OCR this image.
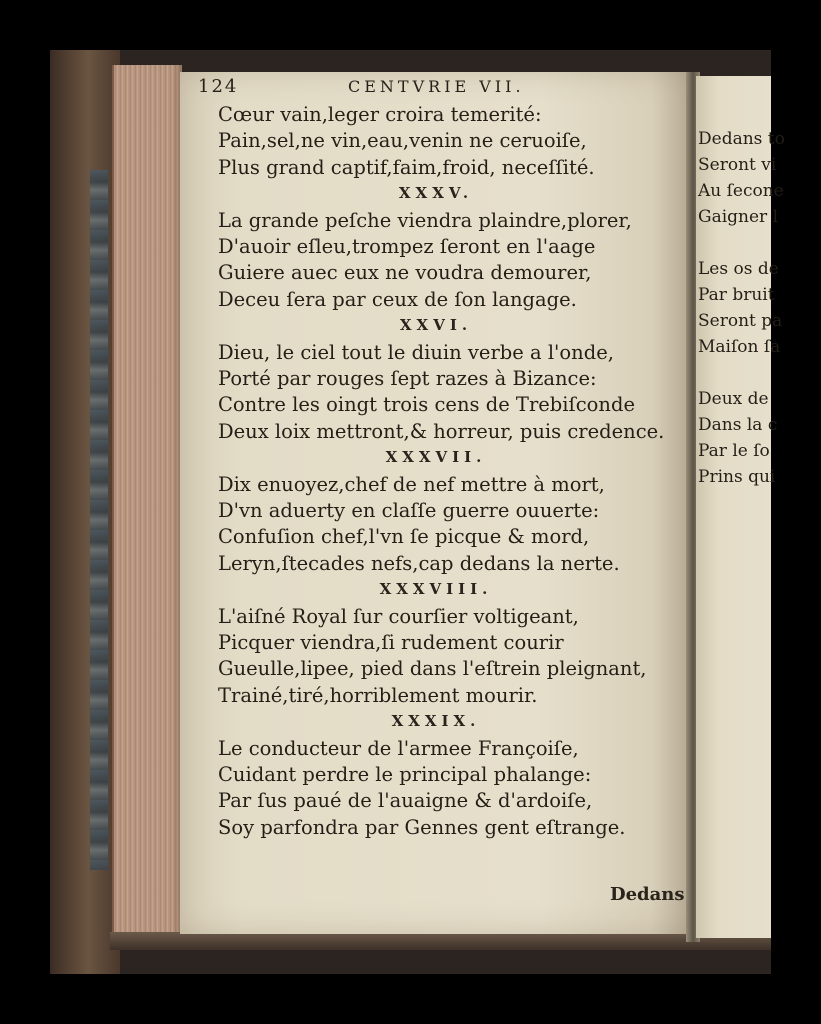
124	CENTVRIE VII.
Cœur vain,leger croira temerité:
Pain,sel,ne vin,eau,venin ne ceruoiſe,
Plus grand captif,faim,froid, neceſſité.
XXXV.
La grande peſche viendra plaindre,plorer,
D'auoir eſleu,trompez ſeront en l'aage
Guiere auec eux ne voudra demourer,
Deceu ſera par ceux de ſon langage.
XXVI.
Dieu, le ciel tout le diuin verbe a l'onde,
Porté par rouges ſept razes à Bizance:
Contre les oingt trois cens de Trebiſconde
Deux loix mettront,& horreur, puis credence.
XXXVII.
Dix enuoyez,chef de nef mettre à mort,
D'vn aduerty en claſſe guerre ouuerte:
Confuſion chef,l'vn ſe picque & mord,
Leryn,ſtecades nefs,cap dedans la nerte.
XXXVIII.
L'aiſné Royal ſur courſier voltigeant,
Picquer viendra,ſi rudement courir
Gueulle,lipee, pied dans l'eſtrein pleignant,
Trainé,tiré,horriblement mourir.
XXXIX.
Le conducteur de l'armee Françoiſe,
Cuidant perdre le principal phalange:
Par ſus paué de l'auaigne & d'ardoiſe,
Soy parfondra par Gennes gent eſtrange.
Dedans
Dedans to
Seront vi
Au ſecone
Gaigner l
Les os de
Par bruit
Seront pa
Maiſon ſa
Deux de
Dans la c
Par le ſo
Prins qui
